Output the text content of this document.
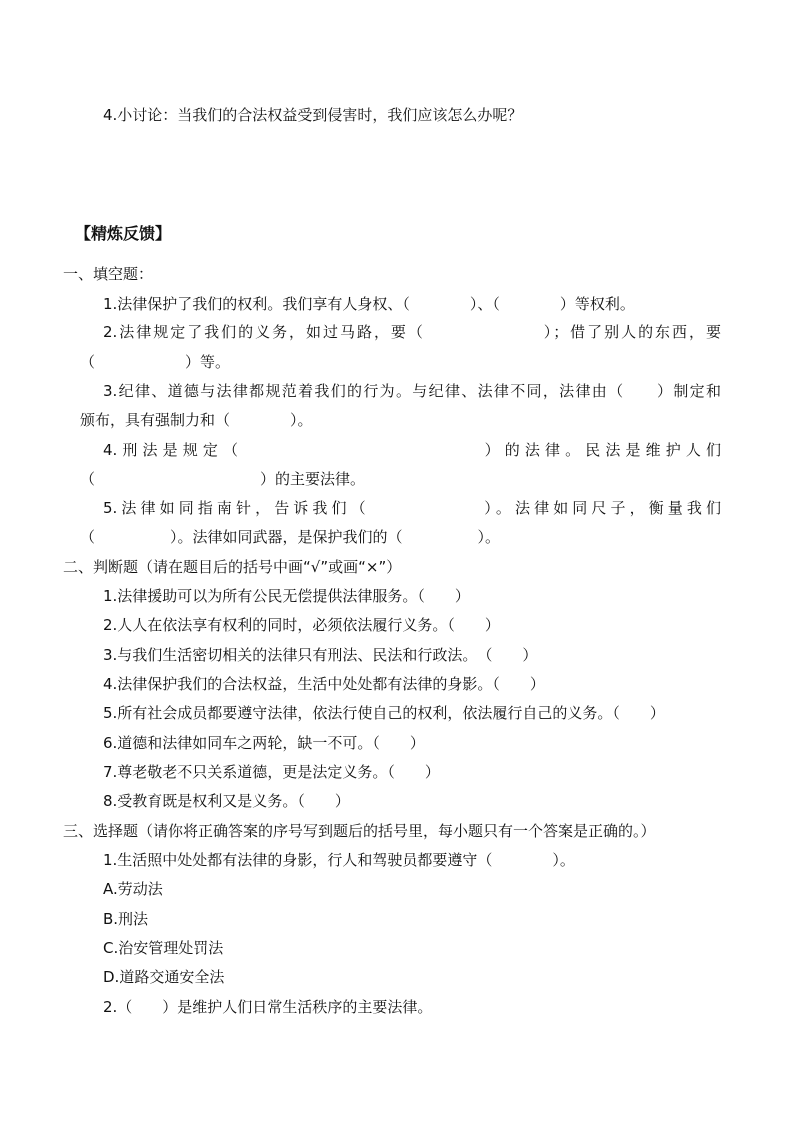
4.小讨论：当我们的合法权益受到侵害时，我们应该怎么办呢？

【精炼反馈】

一、填空题：

1.法律保护了我们的权利。我们享有人身权、（　　　　）、（　　　　）等权利。

2.法律规定了我们的义务，如过马路，要（　　　　　　　）；借了别人的东西，要

（　　　　　　）等。

3.纪律、道德与法律都规范着我们的行为。与纪律、法律不同，法律由（　　）制定和

颁布，具有强制力和（　　　　）。

4.刑法是规定（　　　　　　　　　　　　）的法律。民法是维护人们

（　　　　　　　　　　　）的主要法律。

5.法律如同指南针，告诉我们（　　　　　　）。法律如同尺子，衡量我们

（　　　　　）。法律如同武器，是保护我们的（　　　　　）。

二、判断题（请在题目后的括号中画“√”或画“×”）

1.法律援助可以为所有公民无偿提供法律服务。（　　）

2.人人在依法享有权利的同时，必须依法履行义务。（　　）

3.与我们生活密切相关的法律只有刑法、民法和行政法。　（　　）

4.法律保护我们的合法权益，生活中处处都有法律的身影。（　　）

5.所有社会成员都要遵守法律，依法行使自己的权利，依法履行自己的义务。（　　）

6.道德和法律如同车之两轮，缺一不可。（　　）

7.尊老敬老不只关系道德，更是法定义务。（　　）

8.受教育既是权利又是义务。（　　）

三、选择题（请你将正确答案的序号写到题后的括号里，每小题只有一个答案是正确的。）

1.生活照中处处都有法律的身影，行人和驾驶员都要遵守（　　　　）。

A.劳动法

B.刑法

C.治安管理处罚法

D.道路交通安全法

2.（　　）是维护人们日常生活秩序的主要法律。
